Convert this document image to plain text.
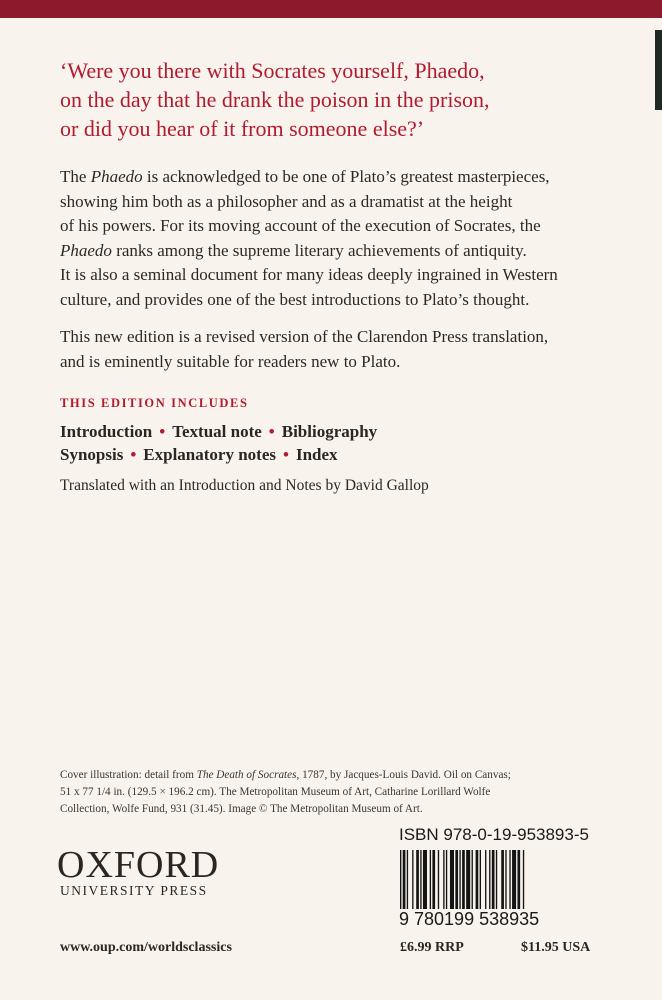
‘Were you there with Socrates yourself, Phaedo,
on the day that he drank the poison in the prison,
or did you hear of it from someone else?’
The Phaedo is acknowledged to be one of Plato’s greatest masterpieces,
showing him both as a philosopher and as a dramatist at the height
of his powers. For its moving account of the execution of Socrates, the
Phaedo ranks among the supreme literary achievements of antiquity.
It is also a seminal document for many ideas deeply ingrained in Western
culture, and provides one of the best introductions to Plato’s thought.
This new edition is a revised version of the Clarendon Press translation,
and is eminently suitable for readers new to Plato.
THIS EDITION INCLUDES
Introduction • Textual note • Bibliography
Synopsis • Explanatory notes • Index
Translated with an Introduction and Notes by David Gallop
Cover illustration: detail from The Death of Socrates, 1787, by Jacques-Louis David. Oil on Canvas;
51 x 77 1/4 in. (129.5 × 196.2 cm). The Metropolitan Museum of Art, Catharine Lorillard Wolfe
Collection, Wolfe Fund, 931 (31.45). Image © The Metropolitan Museum of Art.
OXFORD
UNIVERSITY PRESS
ISBN 978-0-19-953893-5
9 780199 538935
www.oup.com/worldsclassics	£6.99 RRP	$11.95 USA
